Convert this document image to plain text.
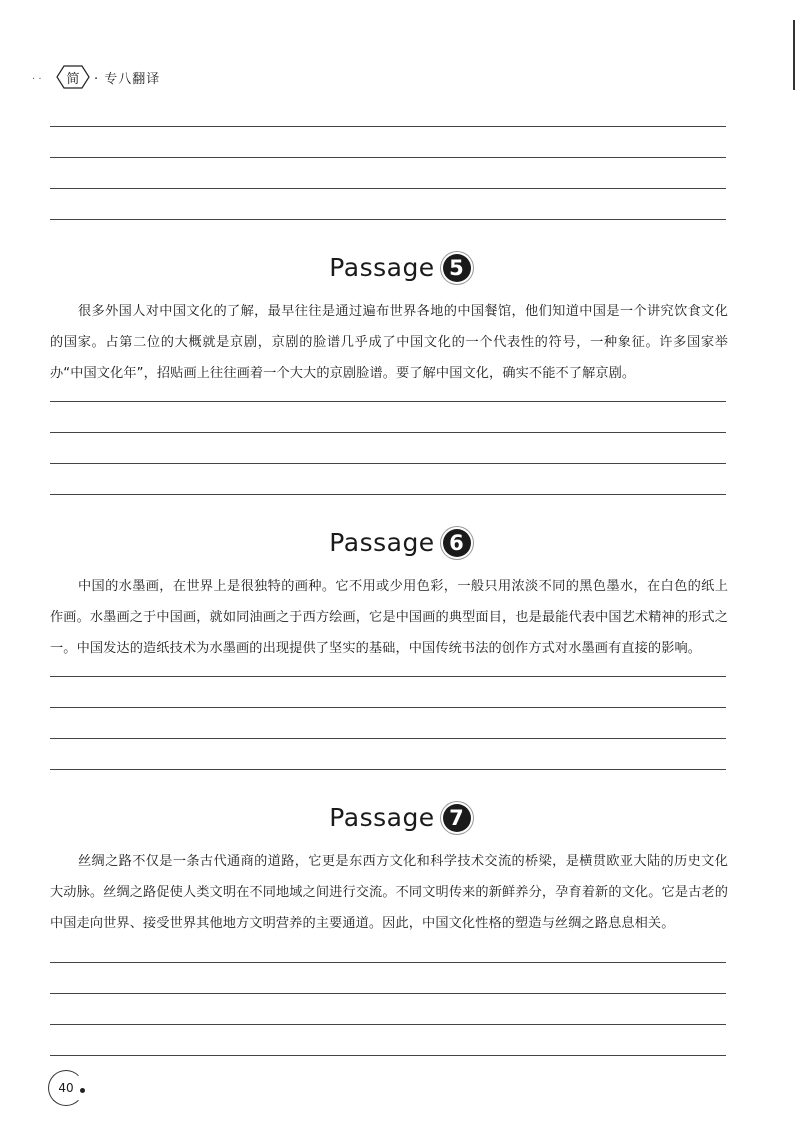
· · 简 · 专八翻译
Passage 5
很多外国人对中国文化的了解，最早往往是通过遍布世界各地的中国餐馆，他们知道中国是一个讲究饮食文化的国家。占第二位的大概就是京剧，京剧的脸谱几乎成了中国文化的一个代表性的符号，一种象征。许多国家举办“中国文化年”，招贴画上往往画着一个大大的京剧脸谱。要了解中国文化，确实不能不了解京剧。
Passage 6
中国的水墨画，在世界上是很独特的画种。它不用或少用色彩，一般只用浓淡不同的黑色墨水，在白色的纸上作画。水墨画之于中国画，就如同油画之于西方绘画，它是中国画的典型面目，也是最能代表中国艺术精神的形式之一。中国发达的造纸技术为水墨画的出现提供了坚实的基础，中国传统书法的创作方式对水墨画有直接的影响。
Passage 7
丝绸之路不仅是一条古代通商的道路，它更是东西方文化和科学技术交流的桥梁，是横贯欧亚大陆的历史文化大动脉。丝绸之路促使人类文明在不同地域之间进行交流。不同文明传来的新鲜养分，孕育着新的文化。它是古老的中国走向世界、接受世界其他地方文明营养的主要通道。因此，中国文化性格的塑造与丝绸之路息息相关。
40
